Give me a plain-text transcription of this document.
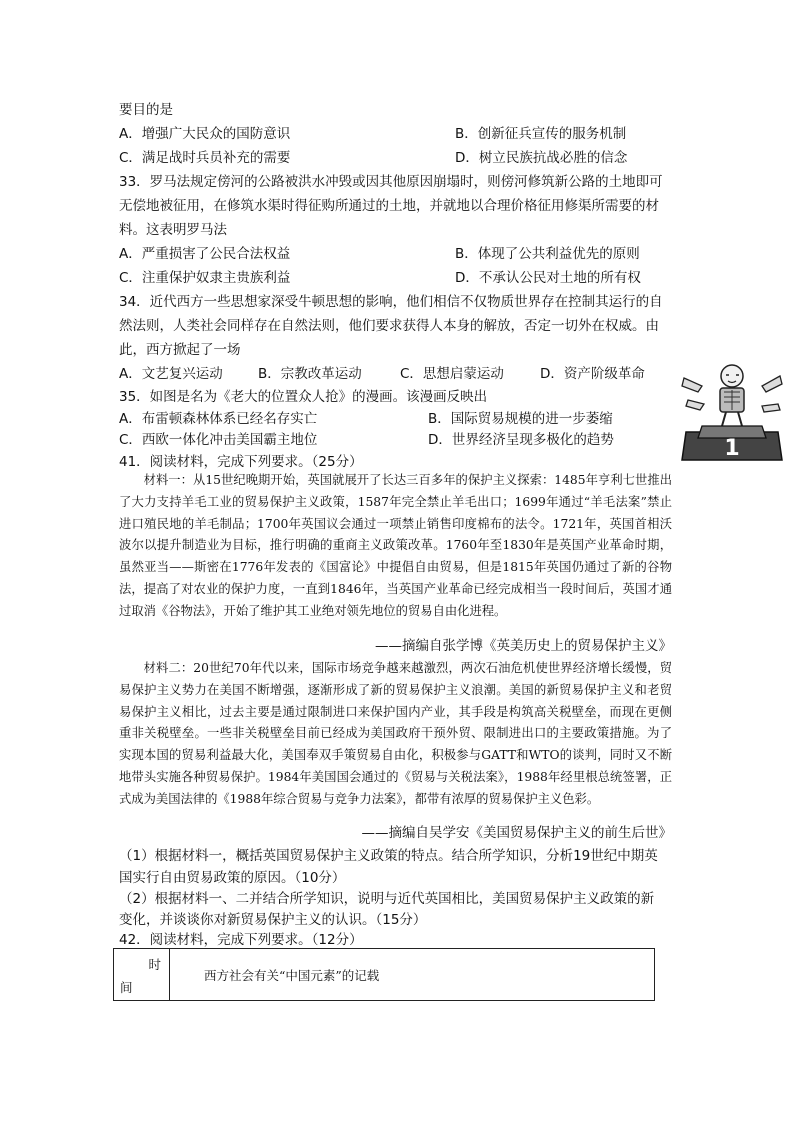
要目的是
A．增强广大民众的国防意识	B．创新征兵宣传的服务机制
C．满足战时兵员补充的需要	D．树立民族抗战必胜的信念
33．罗马法规定傍河的公路被洪水冲毁或因其他原因崩塌时，则傍河修筑新公路的土地即可
无偿地被征用，在修筑水渠时得征购所通过的土地，并就地以合理价格征用修渠所需要的材
料。这表明罗马法
A．严重损害了公民合法权益	B．体现了公共利益优先的原则
C．注重保护奴隶主贵族利益	D．不承认公民对土地的所有权
34．近代西方一些思想家深受牛顿思想的影响，他们相信不仅物质世界存在控制其运行的自
然法则，人类社会同样存在自然法则，他们要求获得人本身的解放，否定一切外在权威。由
此，西方掀起了一场
A．文艺复兴运动	B．宗教改革运动	C．思想启蒙运动	D．资产阶级革命
35．如图是名为《老大的位置众人抢》的漫画。该漫画反映出
A．布雷顿森林体系已经名存实亡	B．国际贸易规模的进一步萎缩
C．西欧一体化冲击美国霸主地位	D．世界经济呈现多极化的趋势	1
41．阅读材料，完成下列要求。（25分）
材料一：从15世纪晚期开始，英国就展开了长达三百多年的保护主义探索：1485年亨利七世推出了大力支持羊毛工业的贸易保护主义政策，1587年完全禁止羊毛出口；1699年通过“羊毛法案”禁止进口殖民地的羊毛制品；1700年英国议会通过一项禁止销售印度棉布的法令。1721年，英国首相沃波尔以提升制造业为目标，推行明确的重商主义政策改革。1760年至1830年是英国产业革命时期，虽然亚当——斯密在1776年发表的《国富论》中提倡自由贸易，但是1815年英国仍通过了新的谷物法，提高了对农业的保护力度，一直到1846年，当英国产业革命已经完成相当一段时间后，英国才通过取消《谷物法》，开始了维护其工业绝对领先地位的贸易自由化进程。
——摘编自张学博《英美历史上的贸易保护主义》
材料二：20世纪70年代以来，国际市场竞争越来越激烈，两次石油危机使世界经济增长缓慢，贸易保护主义势力在美国不断增强，逐渐形成了新的贸易保护主义浪潮。美国的新贸易保护主义和老贸易保护主义相比，过去主要是通过限制进口来保护国内产业，其手段是构筑高关税壁垒，而现在更侧重非关税壁垒。一些非关税壁垒目前已经成为美国政府干预外贸、限制进出口的主要政策措施。为了实现本国的贸易利益最大化，美国奉双手策贸易自由化，积极参与GATT和WTO的谈判，同时又不断地带头实施各种贸易保护。1984年美国国会通过的《贸易与关税法案》，1988年经里根总统签署，正式成为美国法律的《1988年综合贸易与竞争力法案》，都带有浓厚的贸易保护主义色彩。
——摘编自吴学安《美国贸易保护主义的前生后世》
（1）根据材料一，概括英国贸易保护主义政策的特点。结合所学知识，分析19世纪中期英
国实行自由贸易政策的原因。（10分）
（2）根据材料一、二并结合所学知识，说明与近代英国相比，美国贸易保护主义政策的新
变化，并谈谈你对新贸易保护主义的认识。（15分）
42．阅读材料，完成下列要求。（12分）
时
间
	西方社会有关“中国元素”的记载
